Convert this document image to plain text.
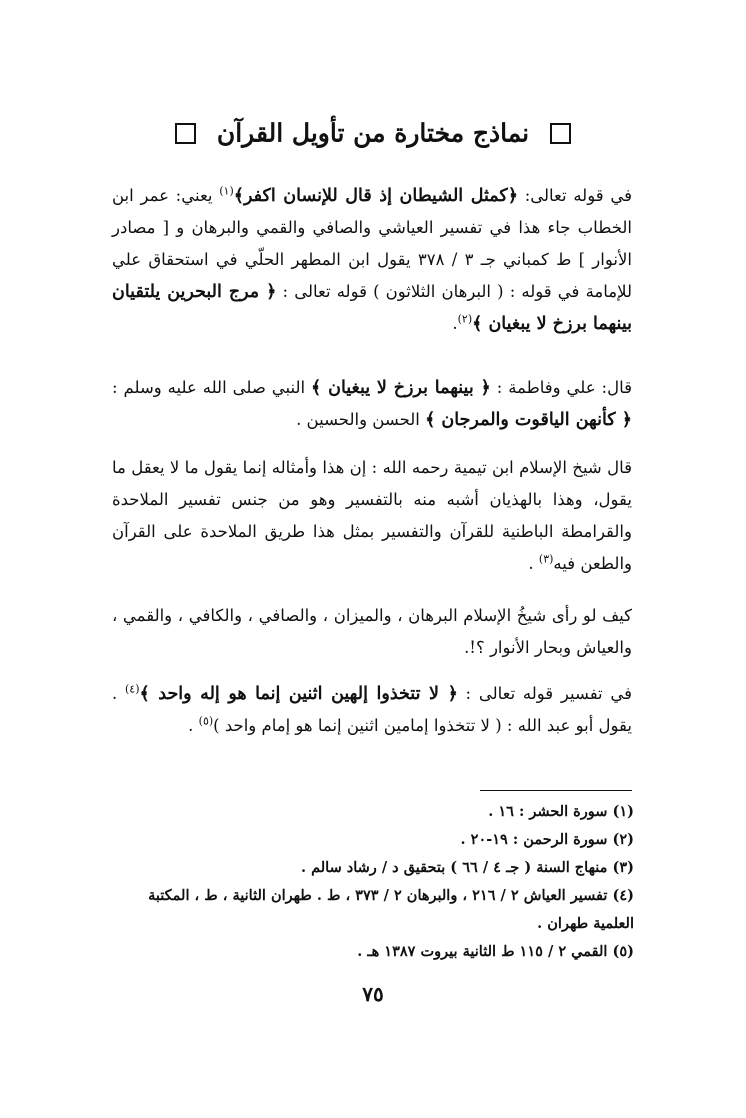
نماذج مختارة من تأويل القرآن
في قوله تعالى: ﴿كمثل الشيطان إذ قال للإنسان اكفر﴾$^{(١)}$ يعني: عمر ابن الخطاب جاء هذا في تفسير العياشي والصافي والقمي والبرهان و [ مصادر الأنوار ] ط كمباني جـ ٣ / ٣٧٨ يقول ابن المطهر الحلّي في استحقاق علي للإمامة في قوله : ( البرهان الثلاثون ) قوله تعالى : ﴿ مرج البحرين يلتقيان بينهما برزخ لا يبغيان ﴾$^{(٢)}$.
قال: علي وفاطمة : ﴿ بينهما برزخ لا يبغيان ﴾ النبي صلى الله عليه وسلم : ﴿ كأنهن الياقوت والمرجان ﴾ الحسن والحسين .
قال شيخ الإسلام ابن تيمية رحمه الله : إن هذا وأمثاله إنما يقول ما لا يعقل ما يقول، وهذا بالهذيان أشبه منه بالتفسير وهو من جنس تفسير الملاحدة والقرامطة الباطنية للقرآن والتفسير بمثل هذا طريق الملاحدة على القرآن والطعن فيه$^{(٣)}$ .
كيف لو رأى شيخُ الإسلام البرهان ، والميزان ، والصافي ، والكافي ، والقمي ، والعياش وبحار الأنوار ؟!.
في تفسير قوله تعالى : ﴿ لا تتخذوا إلهين اثنين إنما هو إله واحد ﴾$^{(٤)}$ . يقول أبو عبد الله : ( لا تتخذوا إمامين اثنين إنما هو إمام واحد )$^{(٥)}$ .
(١) سورة الحشر : ١٦ .
(٢) سورة الرحمن : ١٩-٢٠ .
(٣) منهاج السنة ( جـ ٤ / ٦٦ ) بتحقيق د / رشاد سالم .
(٤) تفسير العياش ٢ / ٢١٦ ، والبرهان ٢ / ٣٧٣ ، ط . طهران الثانية ، ط ، المكتبة العلمية طهران .
(٥) القمي ٢ / ١١٥ ط الثانية بيروت ١٣٨٧ هـ .
٧٥
